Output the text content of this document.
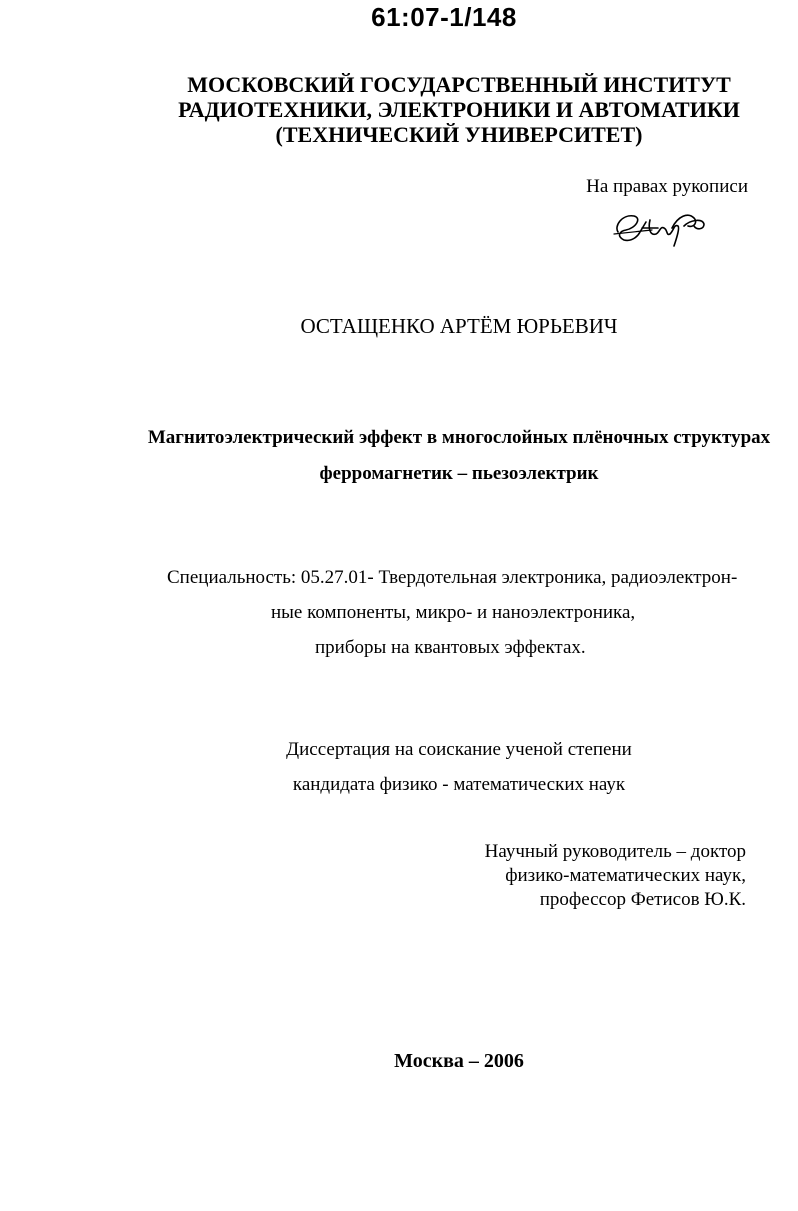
61:07-1/148
МОСКОВСКИЙ ГОСУДАРСТВЕННЫЙ ИНСТИТУТ
РАДИОТЕХНИКИ, ЭЛЕКТРОНИКИ И АВТОМАТИКИ
(ТЕХНИЧЕСКИЙ УНИВЕРСИТЕТ)
На правах рукописи
ОСТАЩЕНКО АРТЁМ ЮРЬЕВИЧ
Магнитоэлектрический эффект в многослойных плёночных структурах
ферромагнетик – пьезоэлектрик
Специальность: 05.27.01- Твердотельная электроника, радиоэлектрон-
ные компоненты, микро- и наноэлектроника,
приборы на квантовых эффектах.
Диссертация на соискание ученой степени
кандидата физико - математических наук
Научный руководитель – доктор
физико-математических наук,
профессор Фетисов Ю.К.
Москва – 2006
